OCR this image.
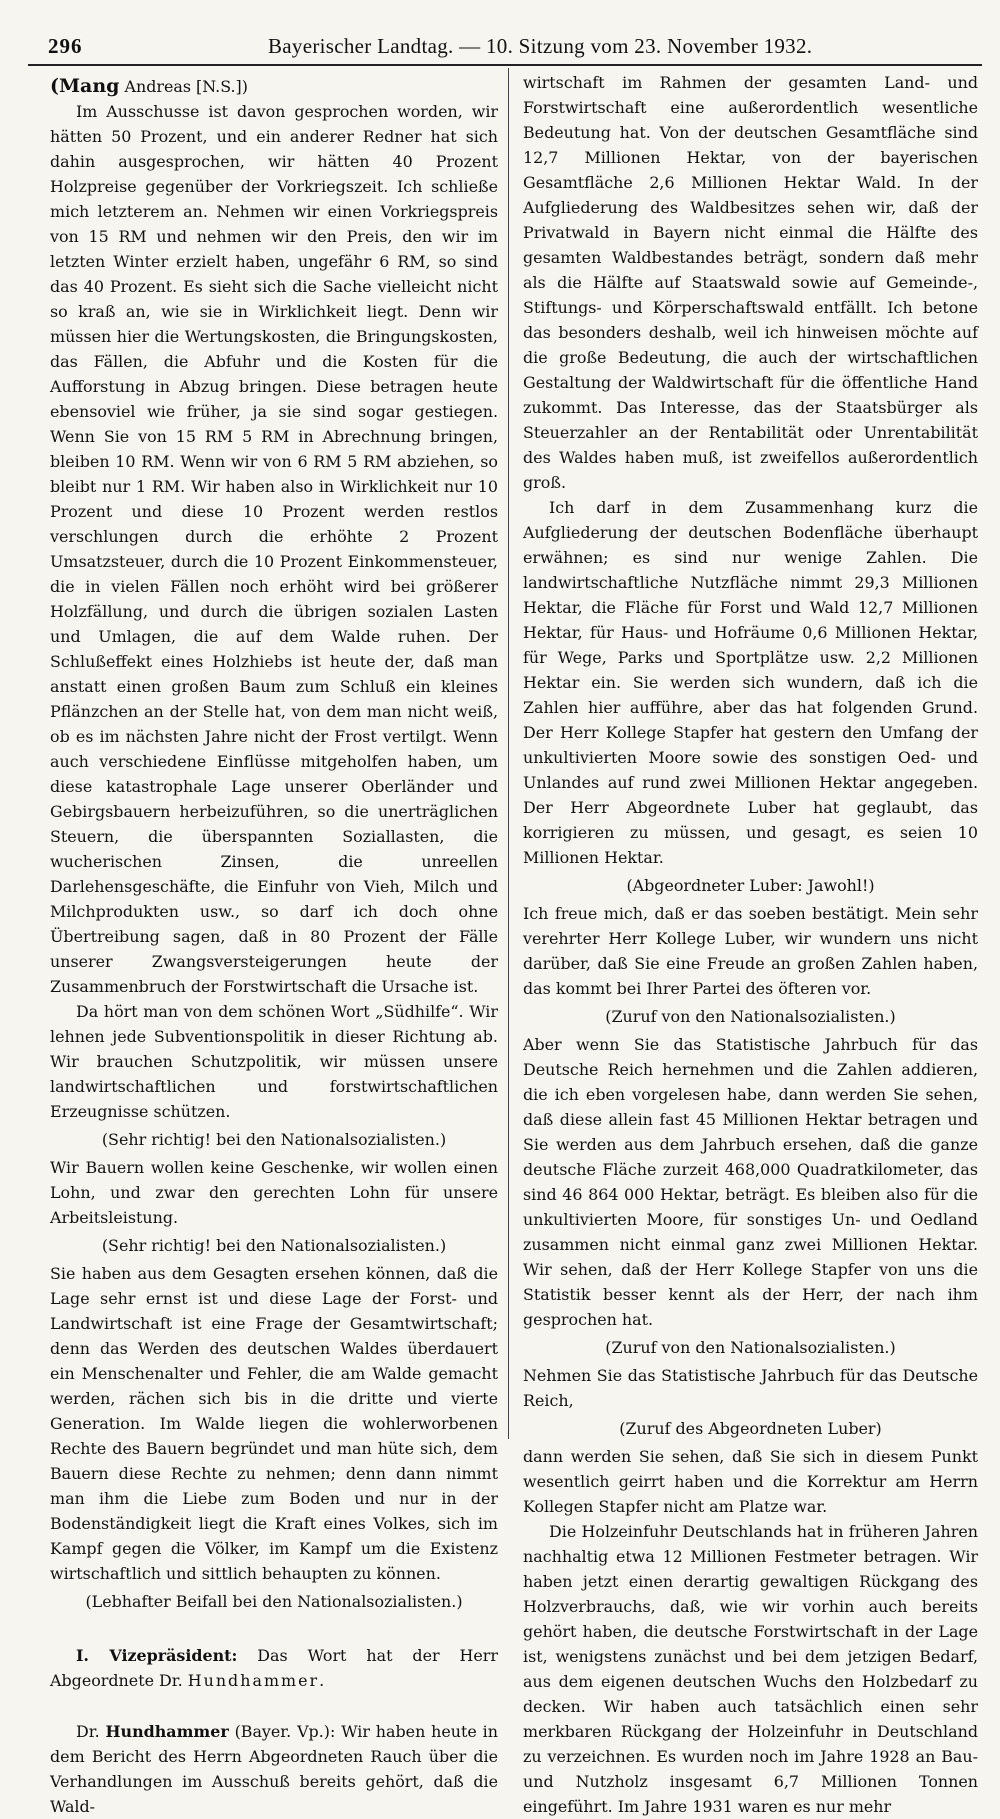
296	Bayerischer Landtag. — 10. Sitzung vom 23. November 1932.

(Mang Andreas [N.S.])

Im Ausschusse ist davon gesprochen worden, wir hätten 50 Prozent, und ein anderer Redner hat sich dahin ausgesprochen, wir hätten 40 Prozent Holzpreise gegenüber der Vorkriegszeit. Ich schließe mich letzterem an. Nehmen wir einen Vorkriegspreis von 15 RM und nehmen wir den Preis, den wir im letzten Winter erzielt haben, ungefähr 6 RM, so sind das 40 Prozent. Es sieht sich die Sache vielleicht nicht so kraß an, wie sie in Wirklichkeit liegt. Denn wir müssen hier die Wertungskosten, die Bringungskosten, das Fällen, die Abfuhr und die Kosten für die Aufforstung in Abzug bringen. Diese betragen heute ebensoviel wie früher, ja sie sind sogar gestiegen. Wenn Sie von 15 RM 5 RM in Abrechnung bringen, bleiben 10 RM. Wenn wir von 6 RM 5 RM abziehen, so bleibt nur 1 RM. Wir haben also in Wirklichkeit nur 10 Prozent und diese 10 Prozent werden restlos verschlungen durch die erhöhte 2 Prozent Umsatzsteuer, durch die 10 Prozent Einkommensteuer, die in vielen Fällen noch erhöht wird bei größerer Holzfällung, und durch die übrigen sozialen Lasten und Umlagen, die auf dem Walde ruhen. Der Schlußeffekt eines Holzhiebs ist heute der, daß man anstatt einen großen Baum zum Schluß ein kleines Pflänzchen an der Stelle hat, von dem man nicht weiß, ob es im nächsten Jahre nicht der Frost vertilgt. Wenn auch verschiedene Einflüsse mitgeholfen haben, um diese katastrophale Lage unserer Oberländer und Gebirgsbauern herbeizuführen, so die unerträglichen Steuern, die überspannten Soziallasten, die wucherischen Zinsen, die unreellen Darlehensgeschäfte, die Einfuhr von Vieh, Milch und Milchprodukten usw., so darf ich doch ohne Übertreibung sagen, daß in 80 Prozent der Fälle unserer Zwangsversteigerungen heute der Zusammenbruch der Forstwirtschaft die Ursache ist.

Da hört man von dem schönen Wort „Südhilfe“. Wir lehnen jede Subventionspolitik in dieser Richtung ab. Wir brauchen Schutzpolitik, wir müssen unsere landwirtschaftlichen und forstwirtschaftlichen Erzeugnisse schützen.

(Sehr richtig! bei den Nationalsozialisten.)

Wir Bauern wollen keine Geschenke, wir wollen einen Lohn, und zwar den gerechten Lohn für unsere Arbeitsleistung.

(Sehr richtig! bei den Nationalsozialisten.)

Sie haben aus dem Gesagten ersehen können, daß die Lage sehr ernst ist und diese Lage der Forst- und Landwirtschaft ist eine Frage der Gesamtwirtschaft; denn das Werden des deutschen Waldes überdauert ein Menschenalter und Fehler, die am Walde gemacht werden, rächen sich bis in die dritte und vierte Generation. Im Walde liegen die wohlerworbenen Rechte des Bauern begründet und man hüte sich, dem Bauern diese Rechte zu nehmen; denn dann nimmt man ihm die Liebe zum Boden und nur in der Bodenständigkeit liegt die Kraft eines Volkes, sich im Kampf gegen die Völker, im Kampf um die Existenz wirtschaftlich und sittlich behaupten zu können.

(Lebhafter Beifall bei den Nationalsozialisten.)

I. Vizepräsident: Das Wort hat der Herr Abgeordnete Dr. Hundhammer.

Dr. Hundhammer (Bayer. Vp.): Wir haben heute in dem Bericht des Herrn Abgeordneten Rauch über die Verhandlungen im Ausschuß bereits gehört, daß die Wald-

wirtschaft im Rahmen der gesamten Land- und Forstwirtschaft eine außerordentlich wesentliche Bedeutung hat. Von der deutschen Gesamtfläche sind 12,7 Millionen Hektar, von der bayerischen Gesamtfläche 2,6 Millionen Hektar Wald. In der Aufgliederung des Waldbesitzes sehen wir, daß der Privatwald in Bayern nicht einmal die Hälfte des gesamten Waldbestandes beträgt, sondern daß mehr als die Hälfte auf Staatswald sowie auf Gemeinde-, Stiftungs- und Körperschaftswald entfällt. Ich betone das besonders deshalb, weil ich hinweisen möchte auf die große Bedeutung, die auch der wirtschaftlichen Gestaltung der Waldwirtschaft für die öffentliche Hand zukommt. Das Interesse, das der Staatsbürger als Steuerzahler an der Rentabilität oder Unrentabilität des Waldes haben muß, ist zweifellos außerordentlich groß.

Ich darf in dem Zusammenhang kurz die Aufgliederung der deutschen Bodenfläche überhaupt erwähnen; es sind nur wenige Zahlen. Die landwirtschaftliche Nutzfläche nimmt 29,3 Millionen Hektar, die Fläche für Forst und Wald 12,7 Millionen Hektar, für Haus- und Hofräume 0,6 Millionen Hektar, für Wege, Parks und Sportplätze usw. 2,2 Millionen Hektar ein. Sie werden sich wundern, daß ich die Zahlen hier aufführe, aber das hat folgenden Grund. Der Herr Kollege Stapfer hat gestern den Umfang der unkultivierten Moore sowie des sonstigen Oed- und Unlandes auf rund zwei Millionen Hektar angegeben. Der Herr Abgeordnete Luber hat geglaubt, das korrigieren zu müssen, und gesagt, es seien 10 Millionen Hektar.

(Abgeordneter Luber: Jawohl!)

Ich freue mich, daß er das soeben bestätigt. Mein sehr verehrter Herr Kollege Luber, wir wundern uns nicht darüber, daß Sie eine Freude an großen Zahlen haben, das kommt bei Ihrer Partei des öfteren vor.

(Zuruf von den Nationalsozialisten.)

Aber wenn Sie das Statistische Jahrbuch für das Deutsche Reich hernehmen und die Zahlen addieren, die ich eben vorgelesen habe, dann werden Sie sehen, daß diese allein fast 45 Millionen Hektar betragen und Sie werden aus dem Jahrbuch ersehen, daß die ganze deutsche Fläche zurzeit 468,000 Quadratkilometer, das sind 46 864 000 Hektar, beträgt. Es bleiben also für die unkultivierten Moore, für sonstiges Un- und Oedland zusammen nicht einmal ganz zwei Millionen Hektar. Wir sehen, daß der Herr Kollege Stapfer von uns die Statistik besser kennt als der Herr, der nach ihm gesprochen hat.

(Zuruf von den Nationalsozialisten.)

Nehmen Sie das Statistische Jahrbuch für das Deutsche Reich,

(Zuruf des Abgeordneten Luber)

dann werden Sie sehen, daß Sie sich in diesem Punkt wesentlich geirrt haben und die Korrektur am Herrn Kollegen Stapfer nicht am Platze war.

Die Holzeinfuhr Deutschlands hat in früheren Jahren nachhaltig etwa 12 Millionen Festmeter betragen. Wir haben jetzt einen derartig gewaltigen Rückgang des Holzverbrauchs, daß, wie wir vorhin auch bereits gehört haben, die deutsche Forstwirtschaft in der Lage ist, wenigstens zunächst und bei dem jetzigen Bedarf, aus dem eigenen deutschen Wuchs den Holzbedarf zu decken. Wir haben auch tatsächlich einen sehr merkbaren Rückgang der Holzeinfuhr in Deutschland zu verzeichnen. Es wurden noch im Jahre 1928 an Bau- und Nutzholz insgesamt 6,7 Millionen Tonnen eingeführt. Im Jahre 1931 waren es nur mehr
